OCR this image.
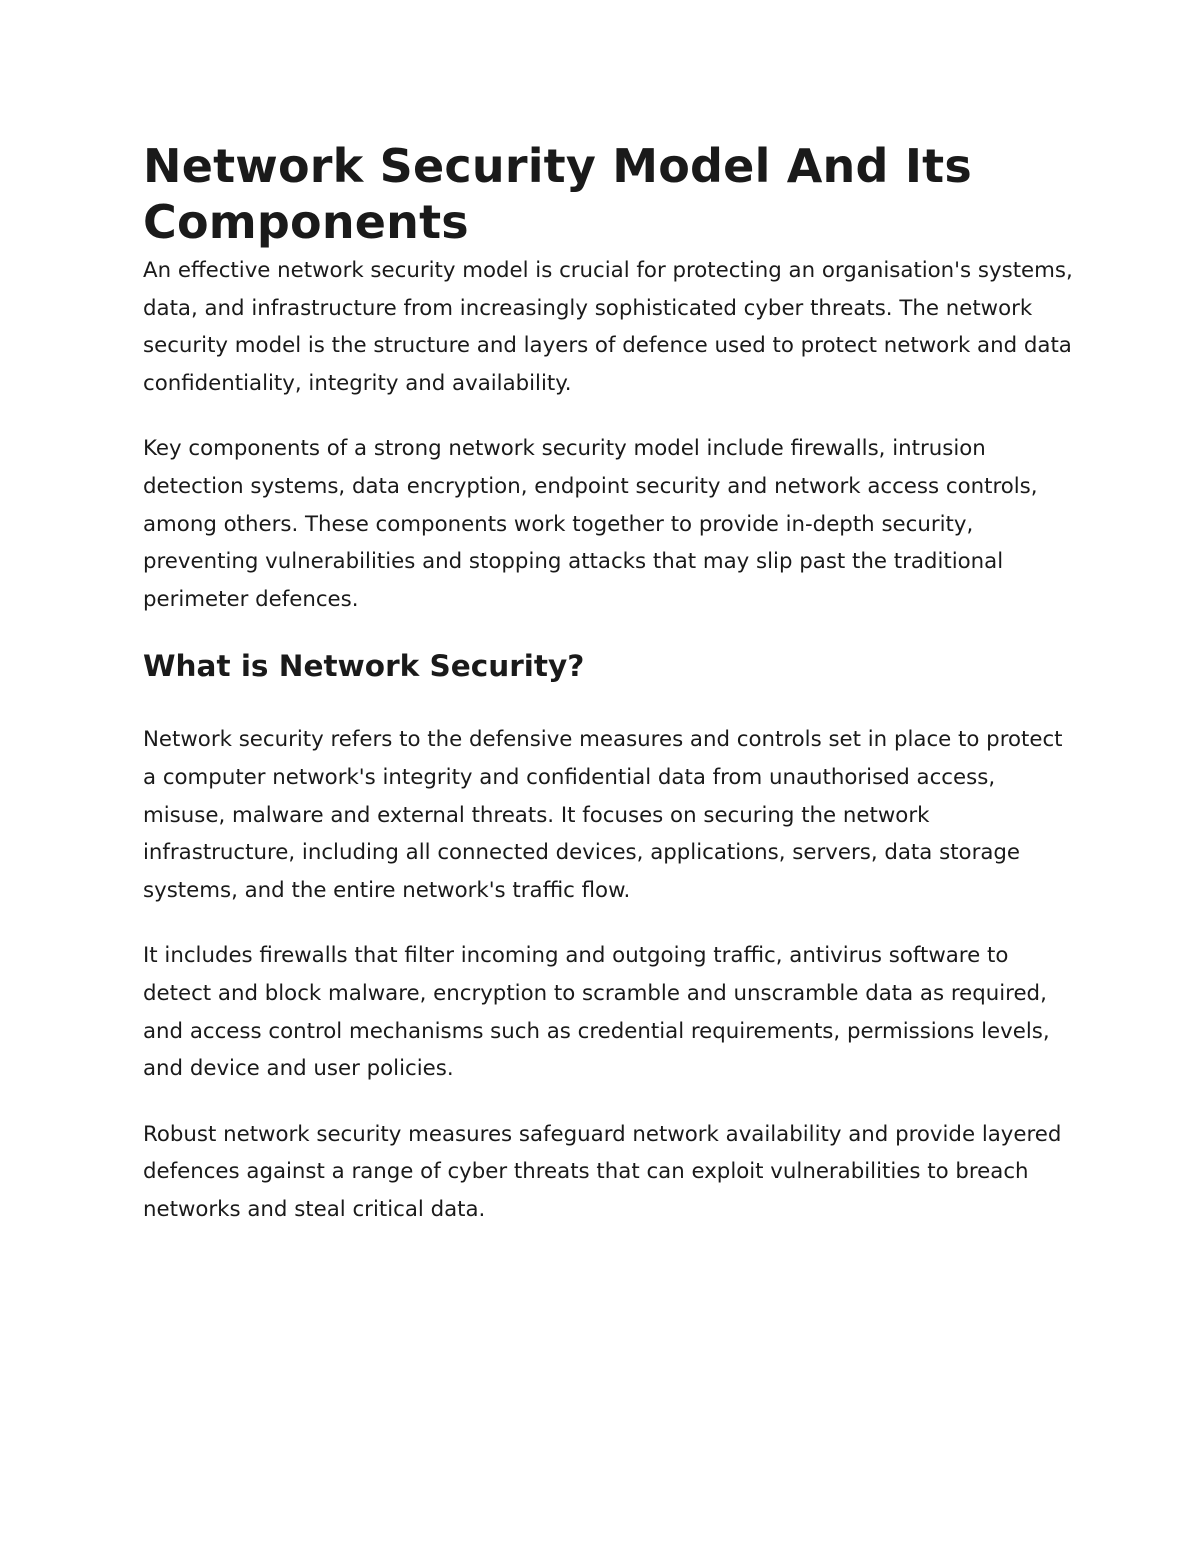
Network Security Model And Its Components

An effective network security model is crucial for protecting an organisation's systems, data, and infrastructure from increasingly sophisticated cyber threats. The network security model is the structure and layers of defence used to protect network and data confidentiality, integrity and availability.

Key components of a strong network security model include firewalls, intrusion detection systems, data encryption, endpoint security and network access controls, among others. These components work together to provide in-depth security, preventing vulnerabilities and stopping attacks that may slip past the traditional perimeter defences.

What is Network Security?

Network security refers to the defensive measures and controls set in place to protect a computer network's integrity and confidential data from unauthorised access, misuse, malware and external threats. It focuses on securing the network infrastructure, including all connected devices, applications, servers, data storage systems, and the entire network's traffic flow.

It includes firewalls that filter incoming and outgoing traffic, antivirus software to detect and block malware, encryption to scramble and unscramble data as required, and access control mechanisms such as credential requirements, permissions levels, and device and user policies.

Robust network security measures safeguard network availability and provide layered defences against a range of cyber threats that can exploit vulnerabilities to breach networks and steal critical data.
